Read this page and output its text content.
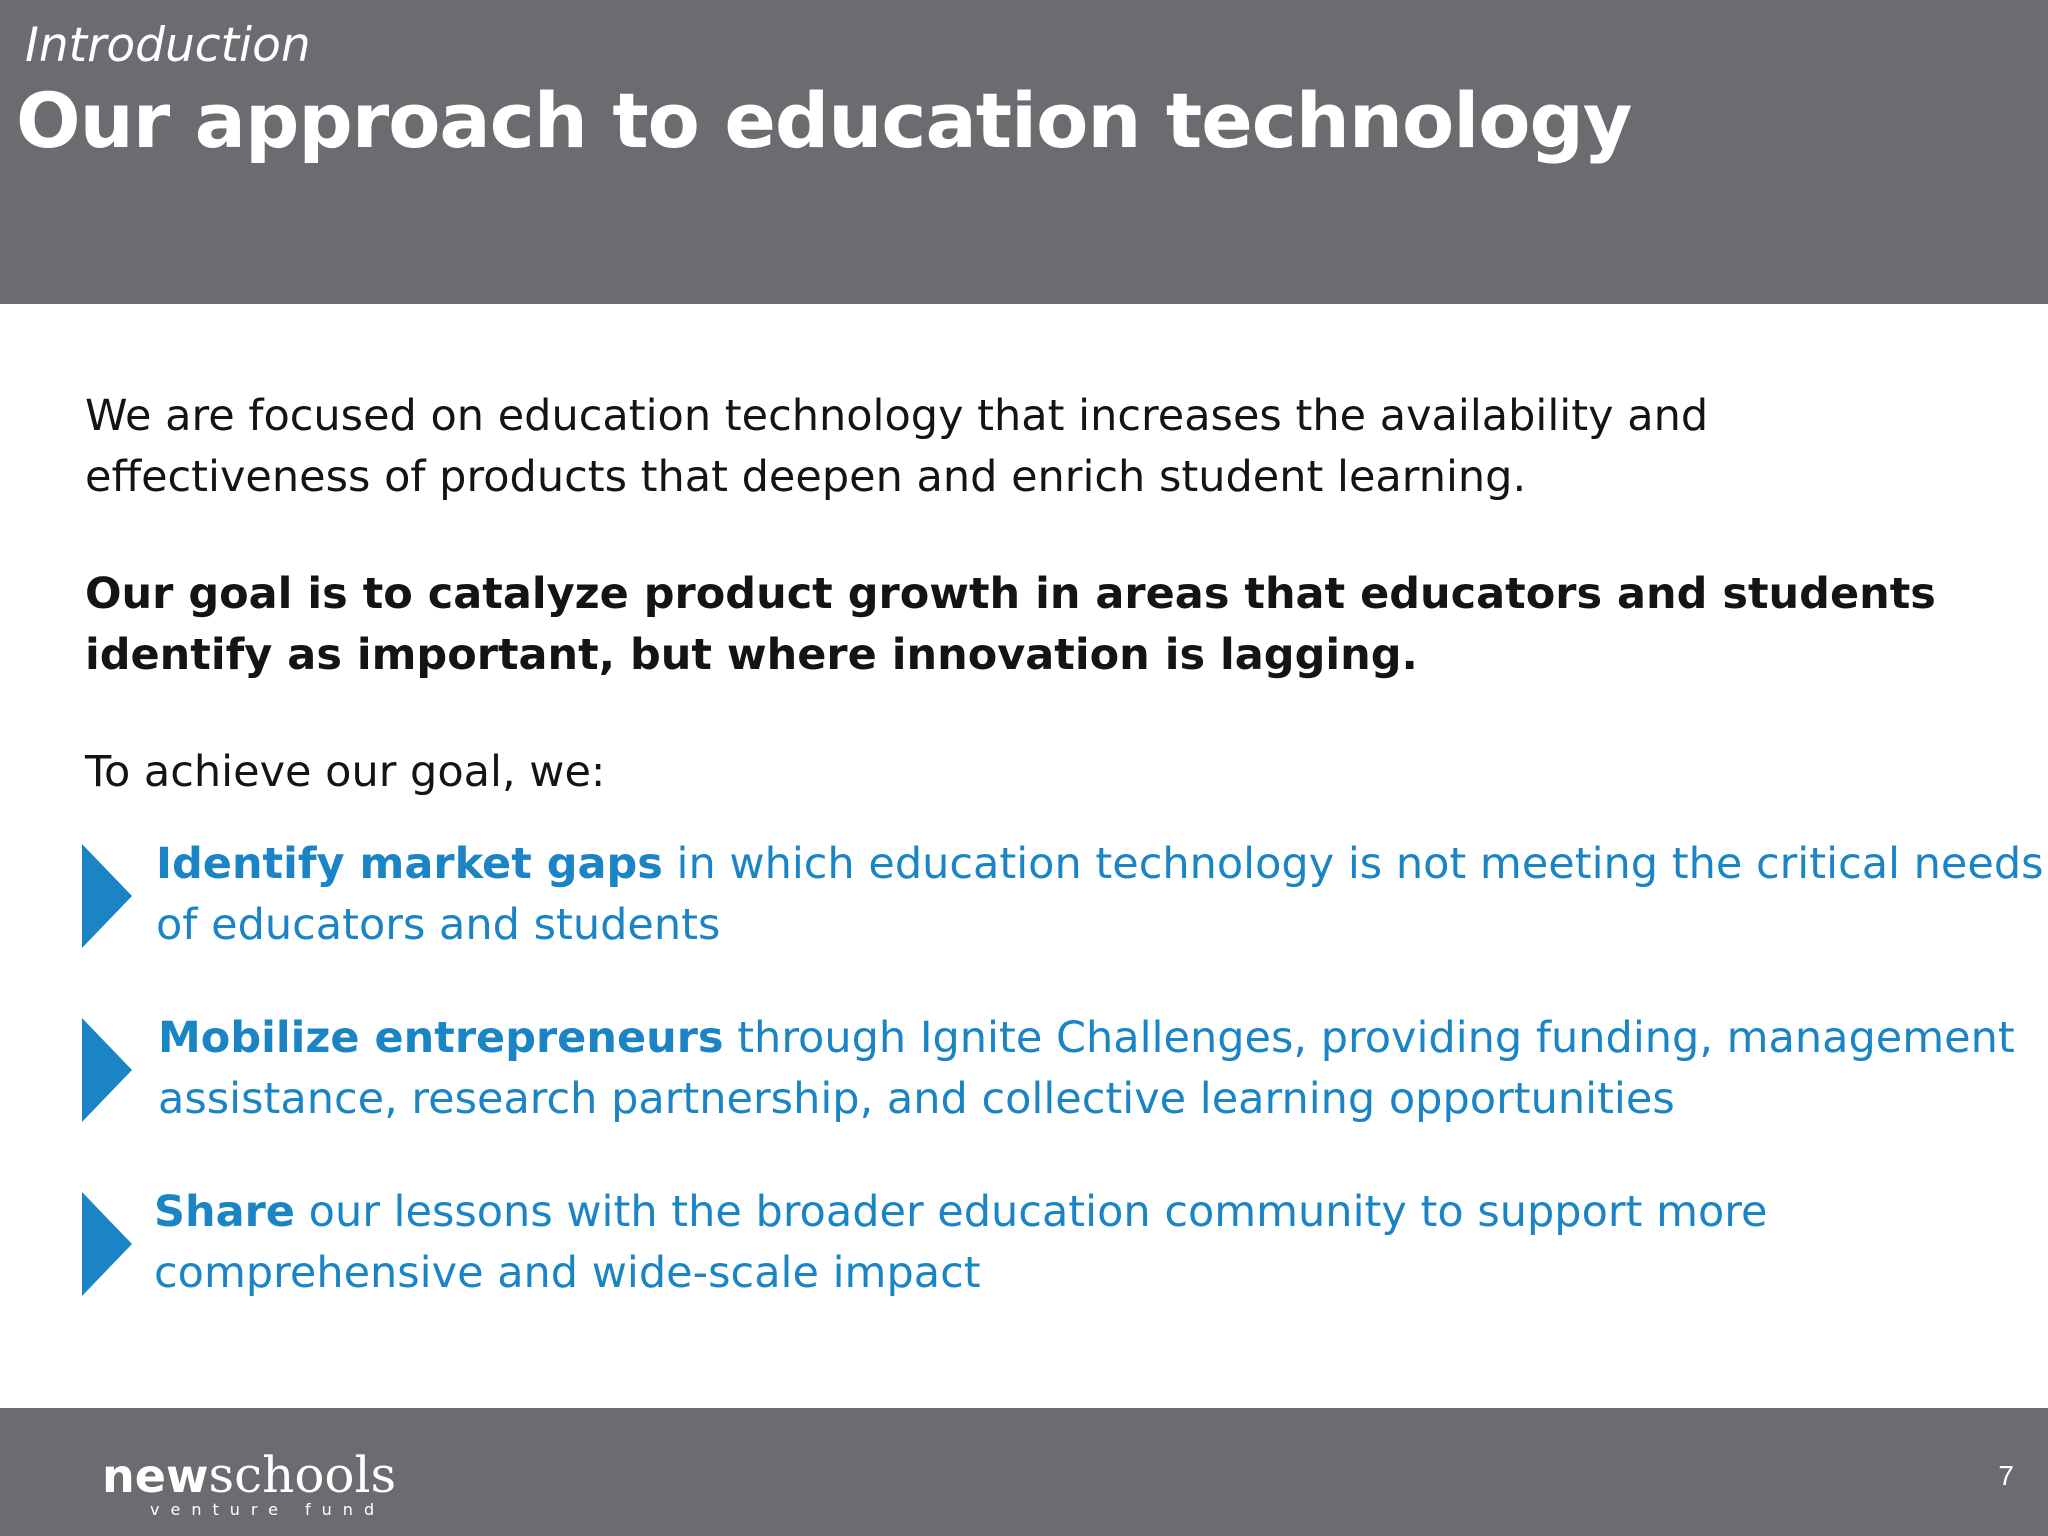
Introduction
Our approach to education technology

We are focused on education technology that increases the availability and effectiveness of products that deepen and enrich student learning.

Our goal is to catalyze product growth in areas that educators and students identify as important, but where innovation is lagging.

To achieve our goal, we:

Identify market gaps in which education technology is not meeting the critical needs of educators and students
Mobilize entrepreneurs through Ignite Challenges, providing funding, management assistance, research partnership, and collective learning opportunities
Share our lessons with the broader education community to support more comprehensive and wide-scale impact
newschools
venture fund
7
